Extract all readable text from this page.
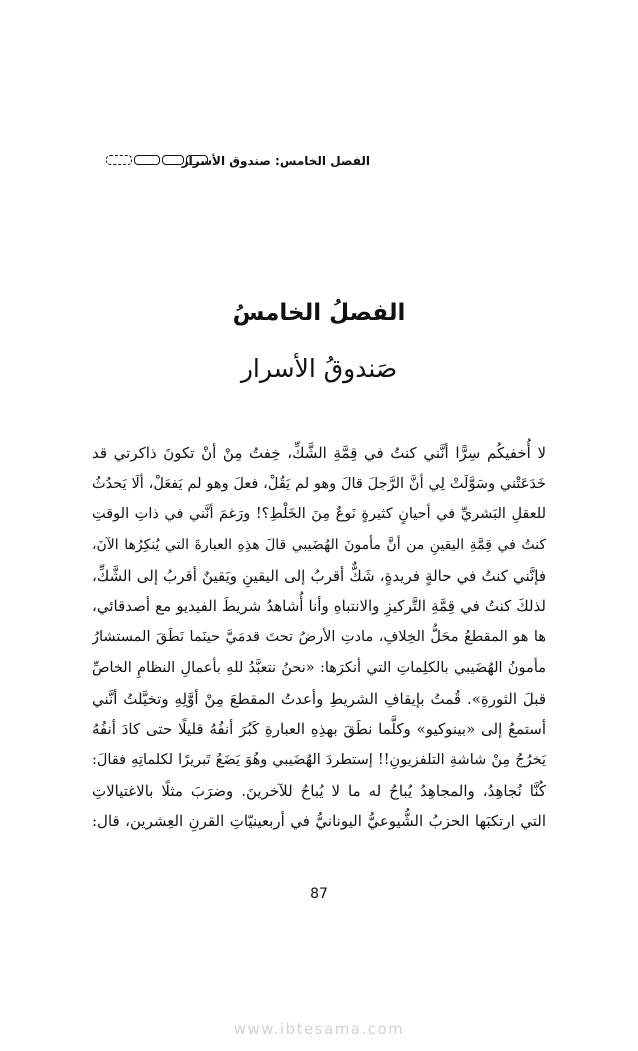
الفصل الخامس: صندوق الأسرار
الفصلُ الخامسُ
صَندوقُ الأسرار
لا أُخفيكُم سِرًّا أنَّني كنتُ في قِمَّةِ الشَّكِّ، خِفتُ مِنْ أنْ تكونَ ذاكرتي قد
خَدَعَتْني وسَوَّلَتْ لِي أنَّ الرَّجلَ قالَ وهو لم يَقُلْ، فعلَ وهو لم يَفعَلْ، ألَا يَحدُثُ
للعقلِ البَشريِّ في أحيانٍ كثيرةٍ نَوعٌ مِنَ الخَلْطِ؟! ورَغمَ أنَّني في ذاتِ الوقتِ
كنتُ في قِمَّةِ اليقينِ من أنَّ مأمونَ الهُضَيبي قالَ هذِهِ العبارةَ التي يُنكِرُها الآنَ،
فإنَّني كنتُ في حالةٍ فريدةٍ، شَكٌّ أقربُ إلى اليقينِ ويَقينٌ أقربُ إلى الشَّكِّ،
لذلكَ كنتُ في قِمَّةِ التَّركيزِ والانتباهِ وأنا أُشاهدُ شريطَ الفيديو مع أصدقائي،
ها هو المقطعُ محَلُّ الخِلافِ، مادتِ الأرضُ تحتَ قدمَيَّ حينَما نَطَقَ المستشارُ
مأمونُ الهُضَيبي بالكلِماتِ التي أنكرَها: «نحنُ نتعبَّدُ للهِ بأعمالِ النظامِ الخاصِّ
قبلَ الثورةِ». قُمتُ بإيقافِ الشريطِ وأعدتُ المقطعَ مِنْ أوَّلِهِ وتخيَّلتُ أنَّني
أستمعُ إلى «بينوكيو» وكلَّما نطَقَ بهذِهِ العبارةِ كَبُرَ أنفُهُ قليلًا حتى كادَ أنفُهُ
يَخرُجُ مِنْ شاشةِ التلفزيونِ!! إستطردَ الهُضَيبي وهُوَ يَضَعُ تَبريرًا لكلماتِهِ فقالَ:
كُنَّا نُجاهِدُ، والمجاهِدُ يُباحُ له ما لا يُباحُ للآخرينَ. وضرَبَ مثلًا بالاغتيالاتِ
التي ارتكبَها الحزبُ الشُّيوعيُّ اليونانيُّ في أربعينيّاتِ القرنِ العِشرين، قال:
87
www.ibtesama.com
